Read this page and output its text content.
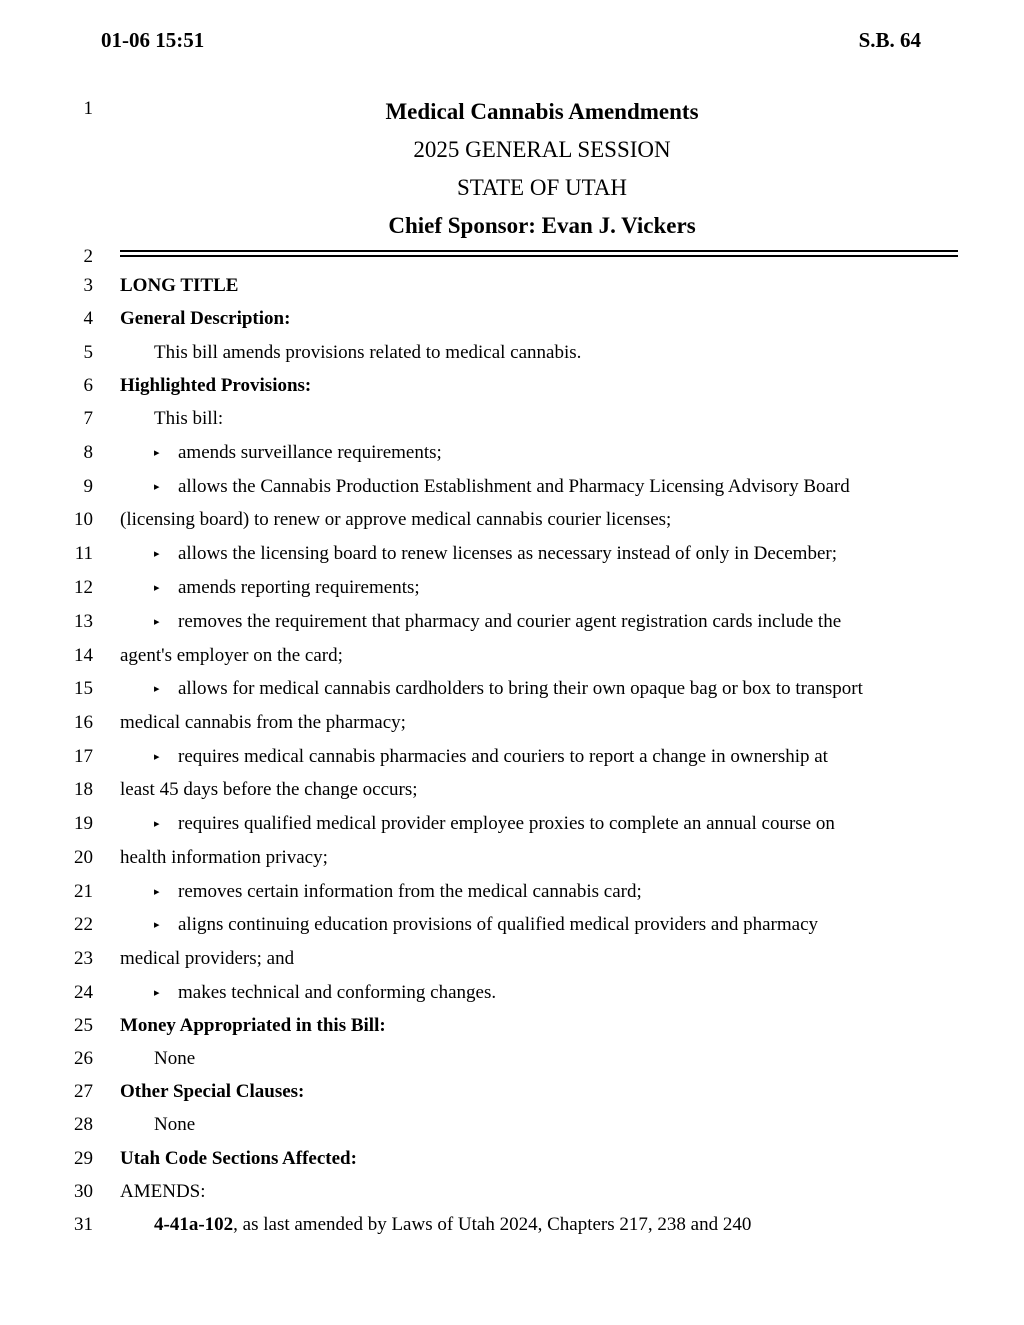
01-06 15:51	S.B. 64
Medical Cannabis Amendments
2025 GENERAL SESSION
STATE OF UTAH
Chief Sponsor: Evan J. Vickers
1
2
3
4
5
6
7
8
9
10
11
12
13
14
15
16
17
18
19
20
21
22
23
24
25
26
27
28
29
30
31
LONG TITLE
General Description:
This bill amends provisions related to medical cannabis.
Highlighted Provisions:
This bill:
▸ amends surveillance requirements;
▸ allows the Cannabis Production Establishment and Pharmacy Licensing Advisory Board
(licensing board) to renew or approve medical cannabis courier licenses;
▸ allows the licensing board to renew licenses as necessary instead of only in December;
▸ amends reporting requirements;
▸ removes the requirement that pharmacy and courier agent registration cards include the
agent's employer on the card;
▸ allows for medical cannabis cardholders to bring their own opaque bag or box to transport
medical cannabis from the pharmacy;
▸ requires medical cannabis pharmacies and couriers to report a change in ownership at
least 45 days before the change occurs;
▸ requires qualified medical provider employee proxies to complete an annual course on
health information privacy;
▸ removes certain information from the medical cannabis card;
▸ aligns continuing education provisions of qualified medical providers and pharmacy
medical providers; and
▸ makes technical and conforming changes.
Money Appropriated in this Bill:
None
Other Special Clauses:
None
Utah Code Sections Affected:
AMENDS:
4-41a-102, as last amended by Laws of Utah 2024, Chapters 217, 238 and 240
